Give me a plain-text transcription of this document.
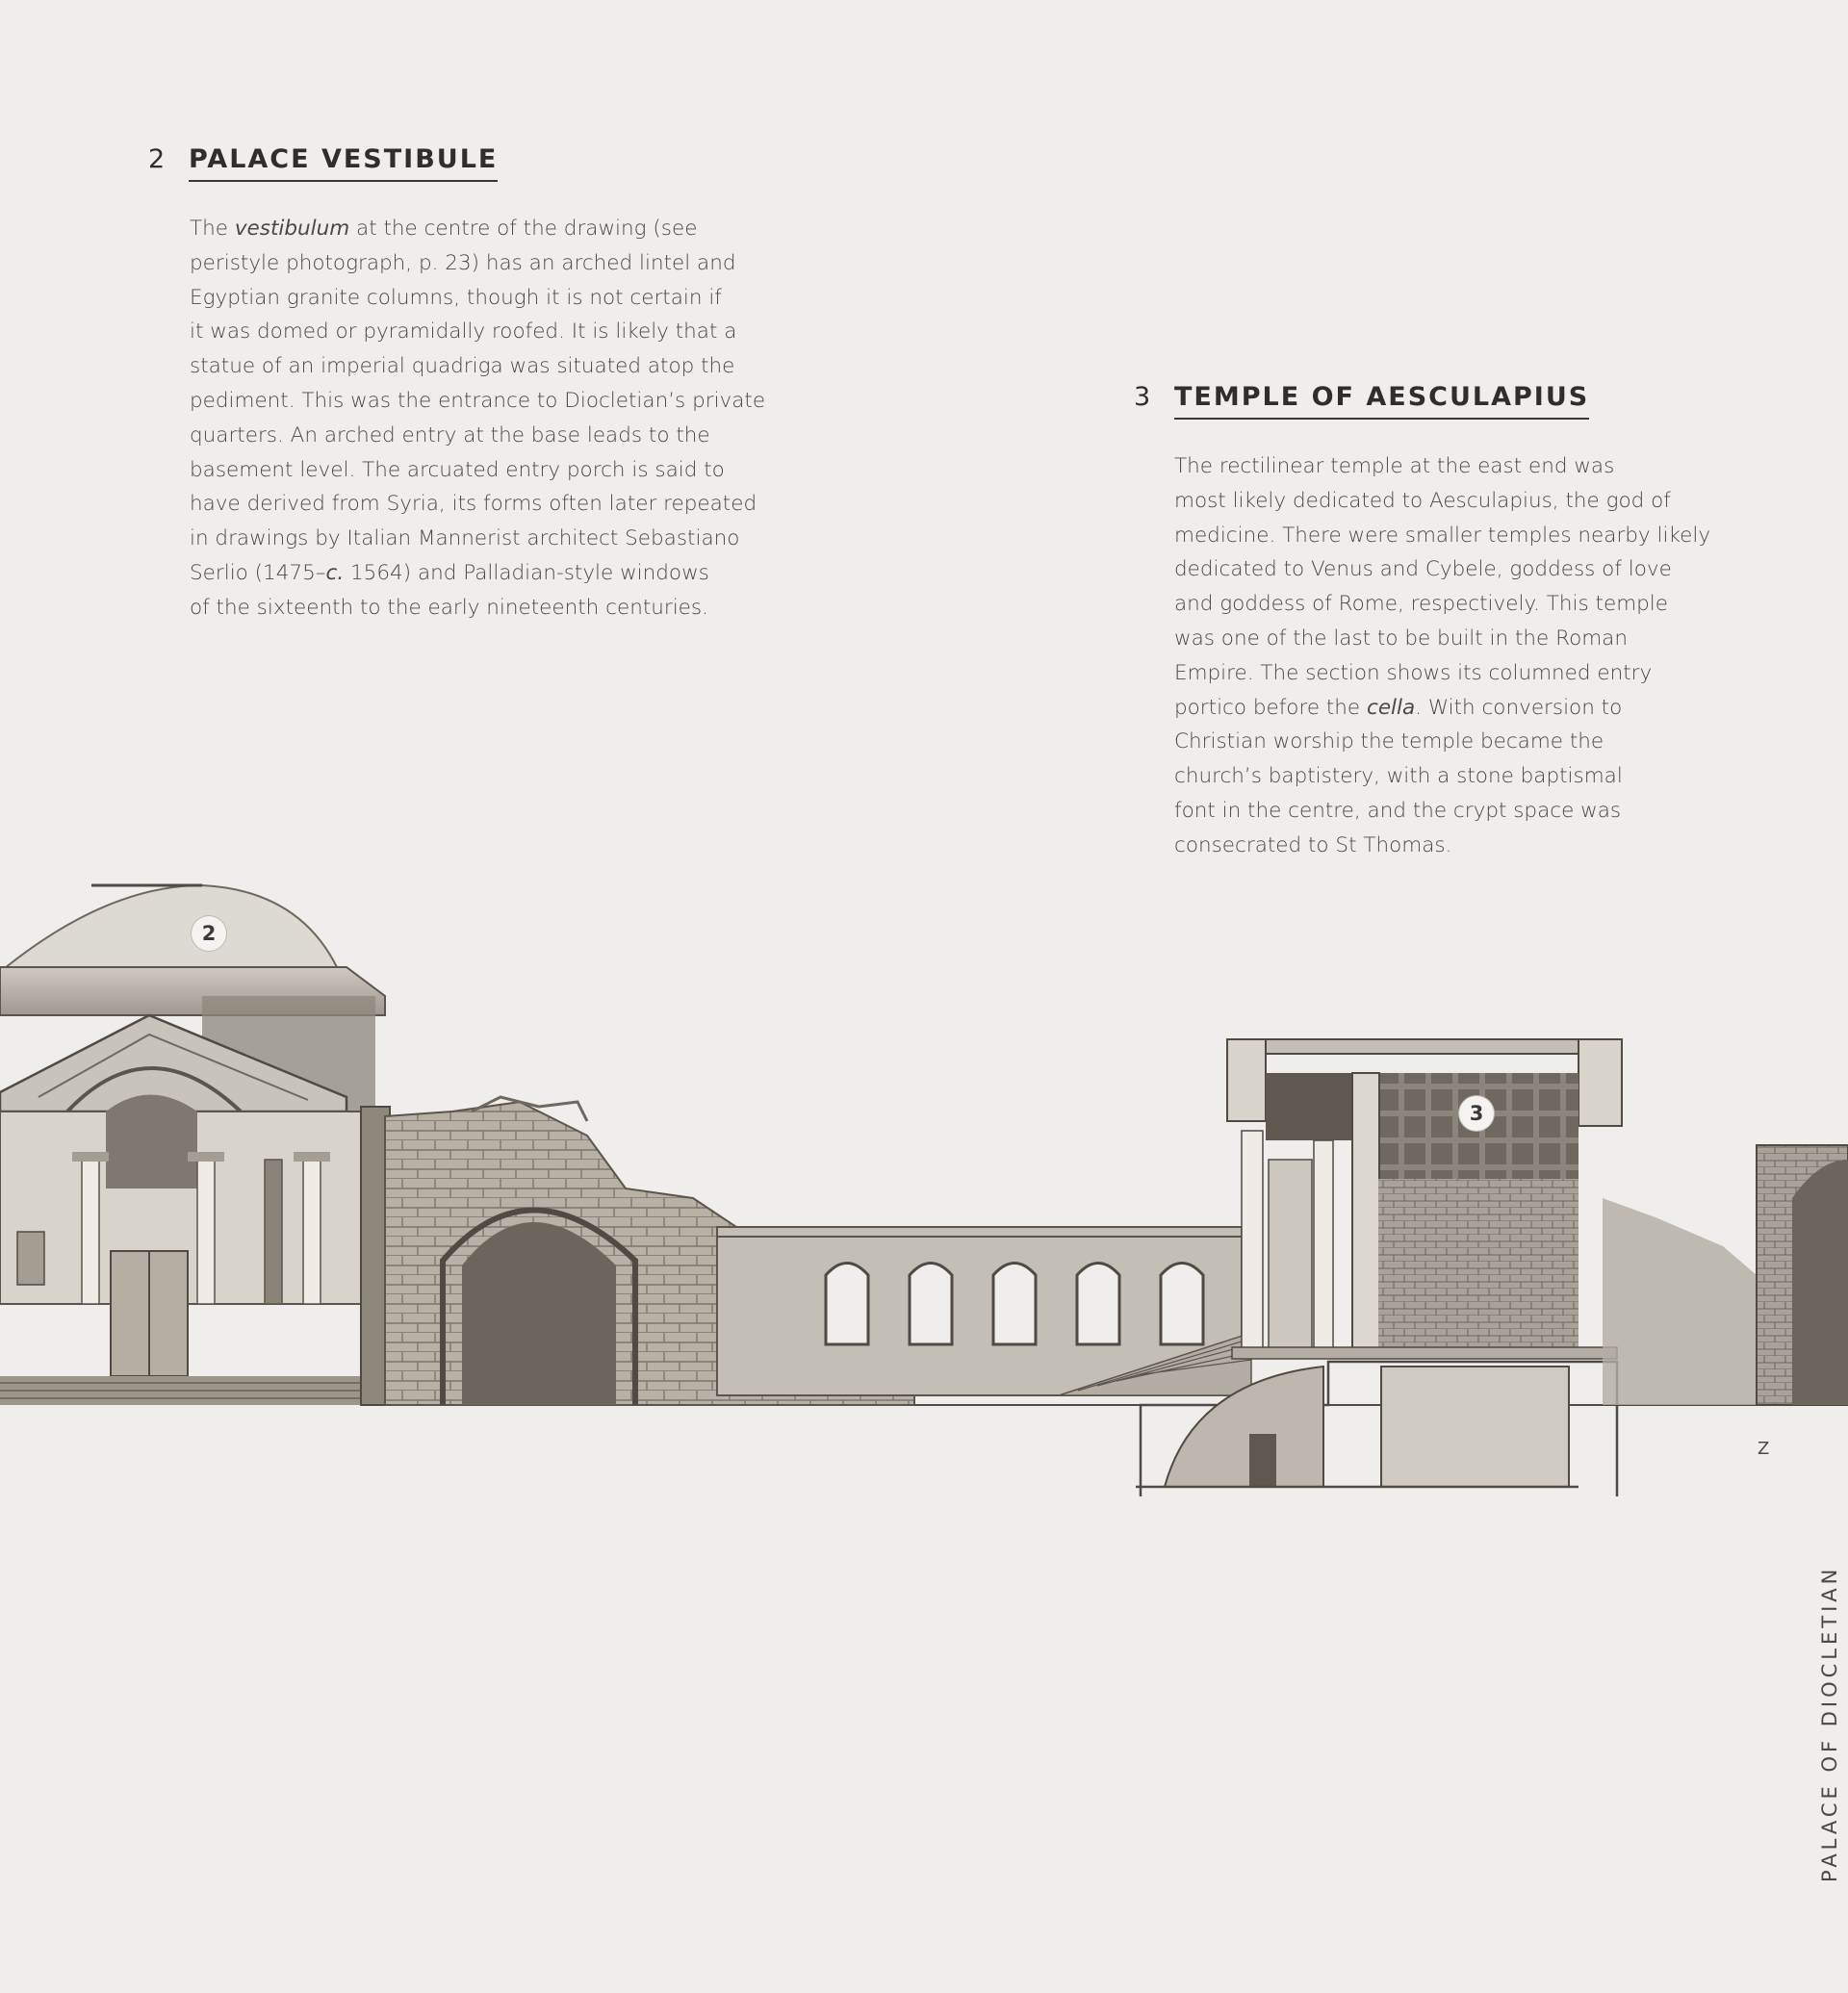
2 PALACE VESTIBULE

The vestibulum at the centre of the drawing (see
peristyle photograph, p. 23) has an arched lintel and
Egyptian granite columns, though it is not certain if
it was domed or pyramidally roofed. It is likely that a
statue of an imperial quadriga was situated atop the
pediment. This was the entrance to Diocletian’s private
quarters. An arched entry at the base leads to the
basement level. The arcuated entry porch is said to
have derived from Syria, its forms often later repeated
in drawings by Italian Mannerist architect Sebastiano
Serlio (1475–c. 1564) and Palladian-style windows
of the sixteenth to the early nineteenth centuries.

3 TEMPLE OF AESCULAPIUS

The rectilinear temple at the east end was
most likely dedicated to Aesculapius, the god of
medicine. There were smaller temples nearby likely
dedicated to Venus and Cybele, goddess of love
and goddess of Rome, respectively. This temple
was one of the last to be built in the Roman
Empire. The section shows its columned entry
portico before the cella. With conversion to
Christian worship the temple became the
church’s baptistery, with a stone baptismal
font in the centre, and the crypt space was
consecrated to St Thomas.

2
3
Z
PALACE OF DIOCLETIAN
